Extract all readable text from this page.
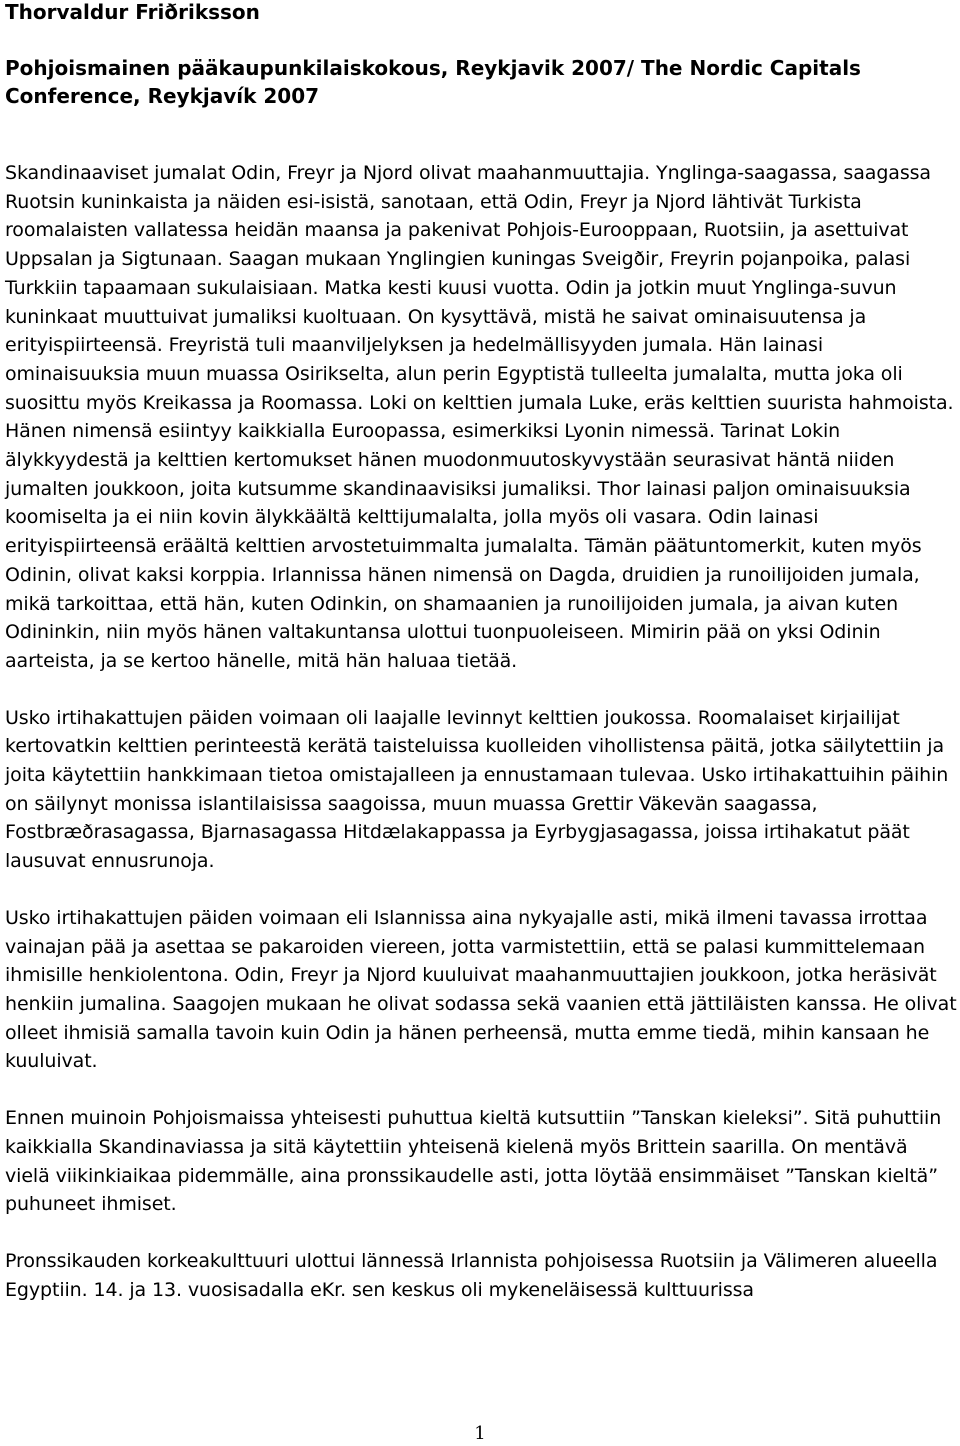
Thorvaldur Friðriksson

Pohjoismainen pääkaupunkilaiskokous, Reykjavik 2007/ The Nordic Capitals Conference, Reykjavík 2007

Skandinaaviset jumalat Odin, Freyr ja Njord olivat maahanmuuttajia. Ynglinga-saagassa, saagassa Ruotsin kuninkaista ja näiden esi-isistä, sanotaan, että Odin, Freyr ja Njord lähtivät Turkista roomalaisten vallatessa heidän maansa ja pakenivat Pohjois-Eurooppaan, Ruotsiin, ja asettuivat Uppsalan ja Sigtunaan. Saagan mukaan Ynglingien kuningas Sveigðir, Freyrin pojanpoika, palasi Turkkiin tapaamaan sukulaisiaan. Matka kesti kuusi vuotta. Odin ja jotkin muut Ynglinga-suvun kuninkaat muuttuivat jumaliksi kuoltuaan. On kysyttävä, mistä he saivat ominaisuutensa ja erityispiirteensä. Freyristä tuli maanviljelyksen ja hedelmällisyyden jumala. Hän lainasi ominaisuuksia muun muassa Osirikselta, alun perin Egyptistä tulleelta jumalalta, mutta joka oli suosittu myös Kreikassa ja Roomassa. Loki on kelttien jumala Luke, eräs kelttien suurista hahmoista. Hänen nimensä esiintyy kaikkialla Euroopassa, esimerkiksi Lyonin nimessä. Tarinat Lokin älykkyydestä ja kelttien kertomukset hänen muodonmuutoskyvystään seurasivat häntä niiden jumalten joukkoon, joita kutsumme skandinaavisiksi jumaliksi. Thor lainasi paljon ominaisuuksia koomiselta ja ei niin kovin älykkäältä kelttijumalalta, jolla myös oli vasara. Odin lainasi erityispiirteensä eräältä kelttien arvostetuimmalta jumalalta. Tämän päätuntomerkit, kuten myös Odinin, olivat kaksi korppia. Irlannissa hänen nimensä on Dagda, druidien ja runoilijoiden jumala, mikä tarkoittaa, että hän, kuten Odinkin, on shamaanien ja runoilijoiden jumala, ja aivan kuten Odininkin, niin myös hänen valtakuntansa ulottui tuonpuoleiseen. Mimirin pää on yksi Odinin aarteista, ja se kertoo hänelle, mitä hän haluaa tietää.

Usko irtihakattujen päiden voimaan oli laajalle levinnyt kelttien joukossa. Roomalaiset kirjailijat kertovatkin kelttien perinteestä kerätä taisteluissa kuolleiden vihollistensa päitä, jotka säilytettiin ja joita käytettiin hankkimaan tietoa omistajalleen ja ennustamaan tulevaa. Usko irtihakattuihin päihin on säilynyt monissa islantilaisissa saagoissa, muun muassa Grettir Väkevän saagassa, Fostbræðrasagassa, Bjarnasagassa Hitdælakappassa ja Eyrbygjasagassa, joissa irtihakatut päät lausuvat ennusrunoja.

Usko irtihakattujen päiden voimaan eli Islannissa aina nykyajalle asti, mikä ilmeni tavassa irrottaa vainajan pää ja asettaa se pakaroiden viereen, jotta varmistettiin, että se palasi kummittelemaan ihmisille henkiolentona. Odin, Freyr ja Njord kuuluivat maahanmuuttajien joukkoon, jotka heräsivät henkiin jumalina. Saagojen mukaan he olivat sodassa sekä vaanien että jättiläisten kanssa. He olivat olleet ihmisiä samalla tavoin kuin Odin ja hänen perheensä, mutta emme tiedä, mihin kansaan he kuuluivat.

Ennen muinoin Pohjoismaissa yhteisesti puhuttua kieltä kutsuttiin ”Tanskan kieleksi”. Sitä puhuttiin kaikkialla Skandinaviassa ja sitä käytettiin yhteisenä kielenä myös Brittein saarilla. On mentävä vielä viikinkiaikaa pidemmälle, aina pronssikaudelle asti, jotta löytää ensimmäiset ”Tanskan kieltä” puhuneet ihmiset.

Pronssikauden korkeakulttuuri ulottui lännessä Irlannista pohjoisessa Ruotsiin ja Välimeren alueella Egyptiin. 14. ja 13. vuosisadalla eKr. sen keskus oli mykeneläisessä kulttuurissa

1
